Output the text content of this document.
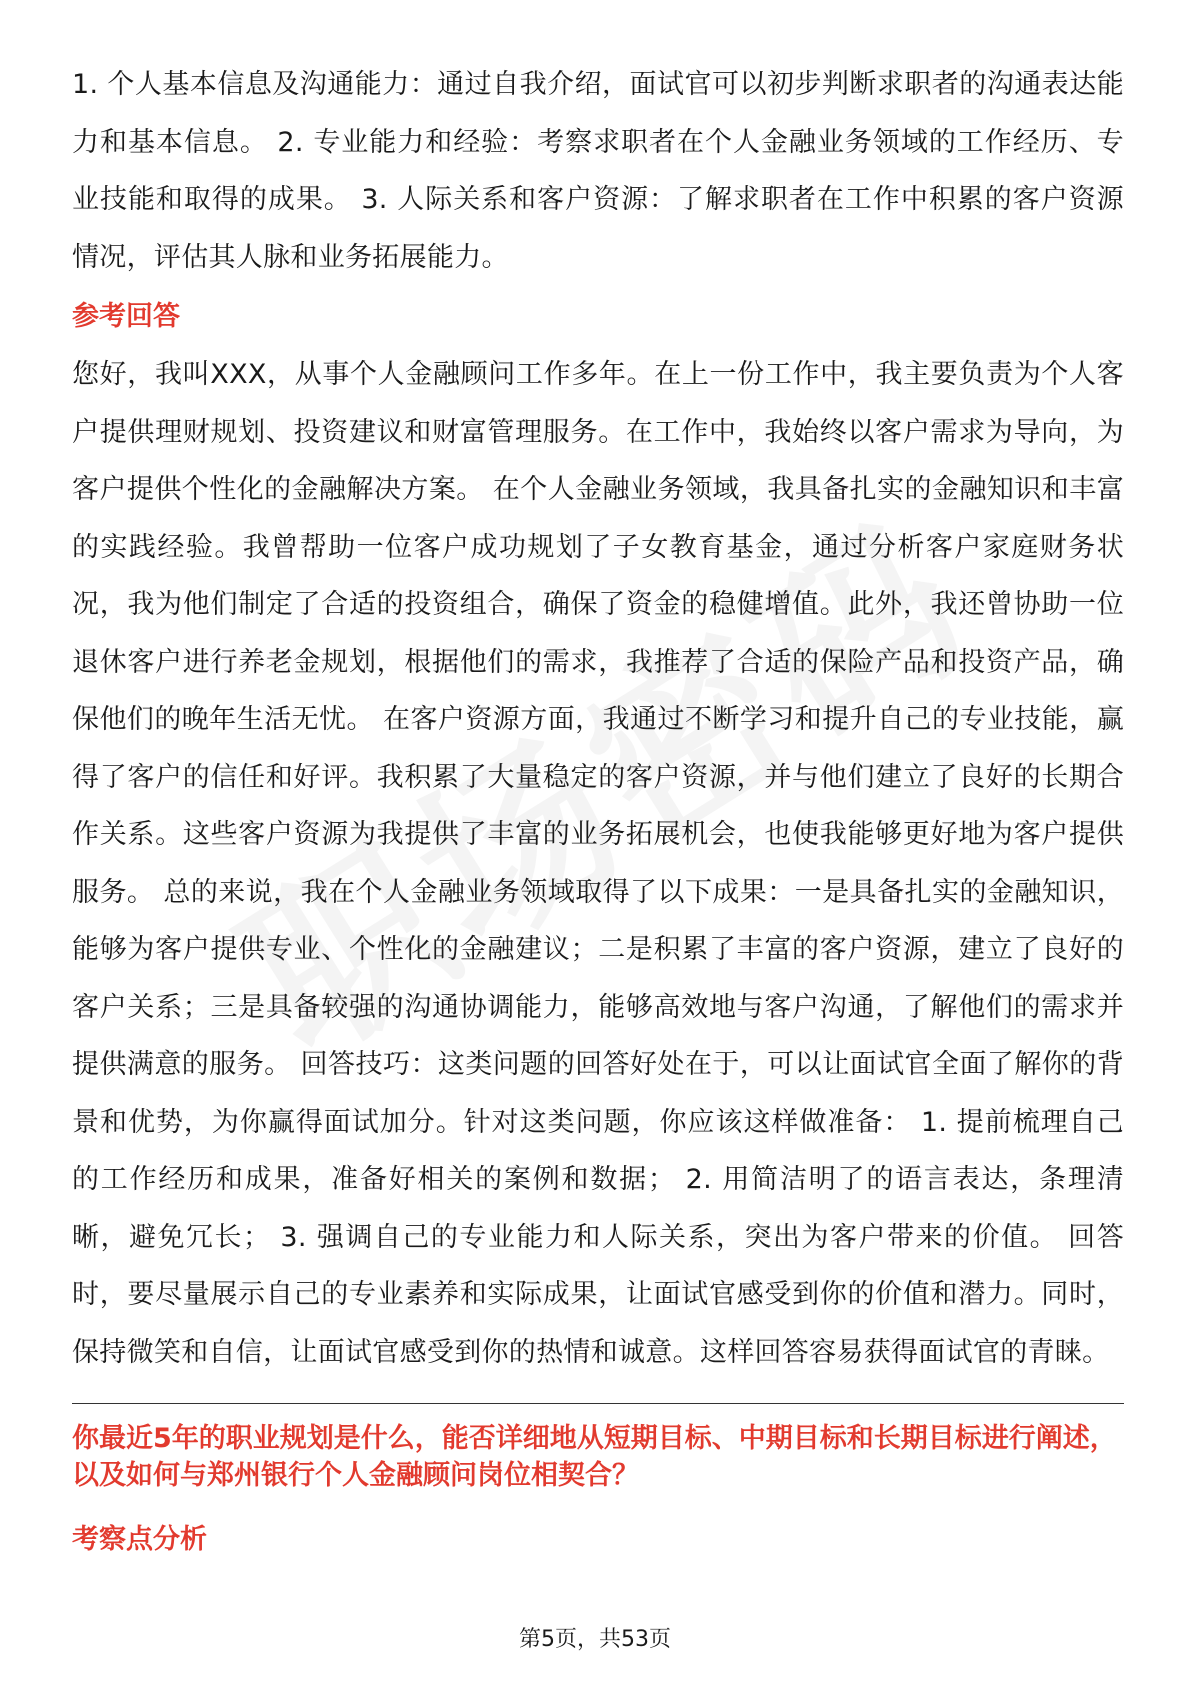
1. 个人基本信息及沟通能力：通过自我介绍，面试官可以初步判断求职者的沟通表达能力和基本信息。 2. 专业能力和经验：考察求职者在个人金融业务领域的工作经历、专业技能和取得的成果。 3. 人际关系和客户资源：了解求职者在工作中积累的客户资源情况，评估其人脉和业务拓展能力。

参考回答

您好，我叫XXX，从事个人金融顾问工作多年。在上一份工作中，我主要负责为个人客户提供理财规划、投资建议和财富管理服务。在工作中，我始终以客户需求为导向，为客户提供个性化的金融解决方案。 在个人金融业务领域，我具备扎实的金融知识和丰富的实践经验。我曾帮助一位客户成功规划了子女教育基金，通过分析客户家庭财务状况，我为他们制定了合适的投资组合，确保了资金的稳健增值。此外，我还曾协助一位退休客户进行养老金规划，根据他们的需求，我推荐了合适的保险产品和投资产品，确保他们的晚年生活无忧。 在客户资源方面，我通过不断学习和提升自己的专业技能，赢得了客户的信任和好评。我积累了大量稳定的客户资源，并与他们建立了良好的长期合作关系。这些客户资源为我提供了丰富的业务拓展机会，也使我能够更好地为客户提供服务。 总的来说，我在个人金融业务领域取得了以下成果：一是具备扎实的金融知识，能够为客户提供专业、个性化的金融建议；二是积累了丰富的客户资源，建立了良好的客户关系；三是具备较强的沟通协调能力，能够高效地与客户沟通，了解他们的需求并提供满意的服务。 回答技巧：这类问题的回答好处在于，可以让面试官全面了解你的背景和优势，为你赢得面试加分。针对这类问题，你应该这样做准备： 1. 提前梳理自己的工作经历和成果，准备好相关的案例和数据； 2. 用简洁明了的语言表达，条理清晰，避免冗长； 3. 强调自己的专业能力和人际关系，突出为客户带来的价值。 回答时，要尽量展示自己的专业素养和实际成果，让面试官感受到你的价值和潜力。同时，保持微笑和自信，让面试官感受到你的热情和诚意。这样回答容易获得面试官的青睐。

你最近5年的职业规划是什么，能否详细地从短期目标、中期目标和长期目标进行阐述，以及如何与郑州银行个人金融顾问岗位相契合？

考察点分析
第5页，共53页
